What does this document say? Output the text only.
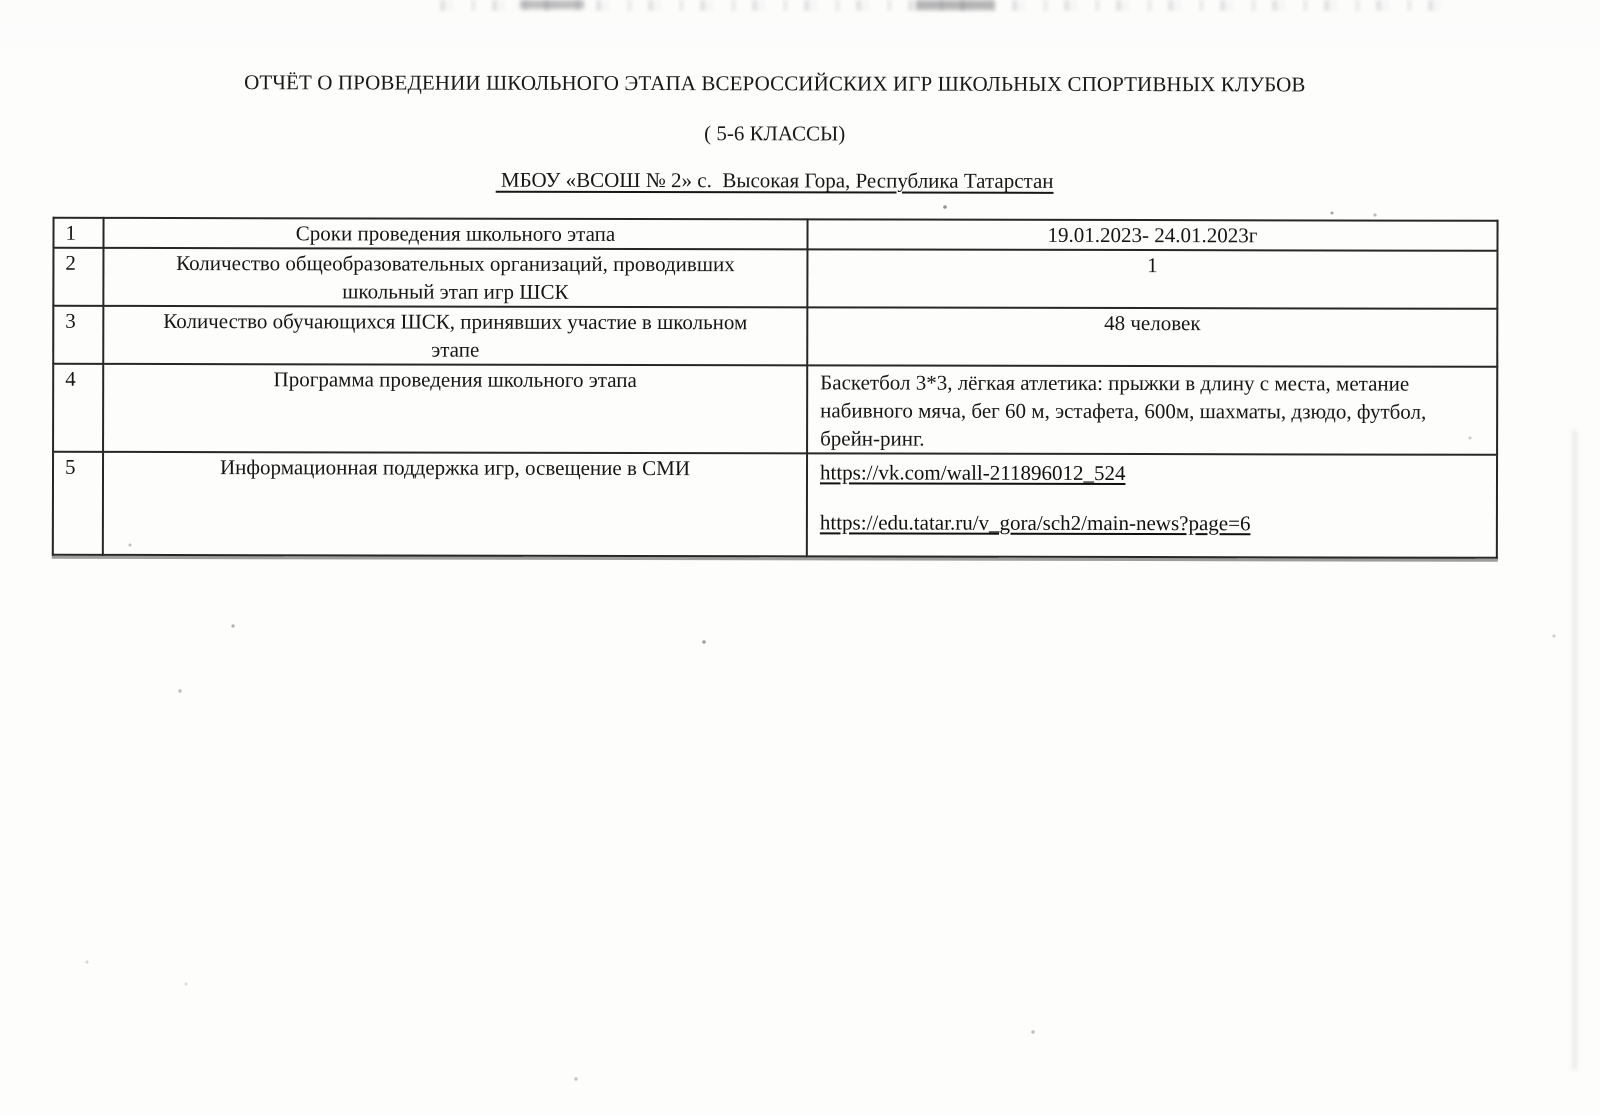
ОТЧЁТ О ПРОВЕДЕНИИ ШКОЛЬНОГО ЭТАПА ВСЕРОССИЙСКИХ ИГР ШКОЛЬНЫХ СПОРТИВНЫХ КЛУБОВ
( 5-6 КЛАССЫ)
МБОУ «ВСОШ № 2» с.  Высокая Гора, Республика Татарстан
1	Сроки проведения школьного этапа	19.01.2023- 24.01.2023г
2	Количество общеобразовательных организаций, проводивших
школьный этап игр ШСК	1
3	Количество обучающихся ШСК, принявших участие в школьном
этапе	48 человек
4	Программа проведения школьного этапа	Баскетбол 3*3, лёгкая атлетика: прыжки в длину с места, метание
набивного мяча, бег 60 м, эстафета, 600м, шахматы, дзюдо, футбол,
брейн-ринг.
5	Информационная поддержка игр, освещение в СМИ	https://vk.com/wall-211896012_524
https://edu.tatar.ru/v_gora/sch2/main-news?page=6
